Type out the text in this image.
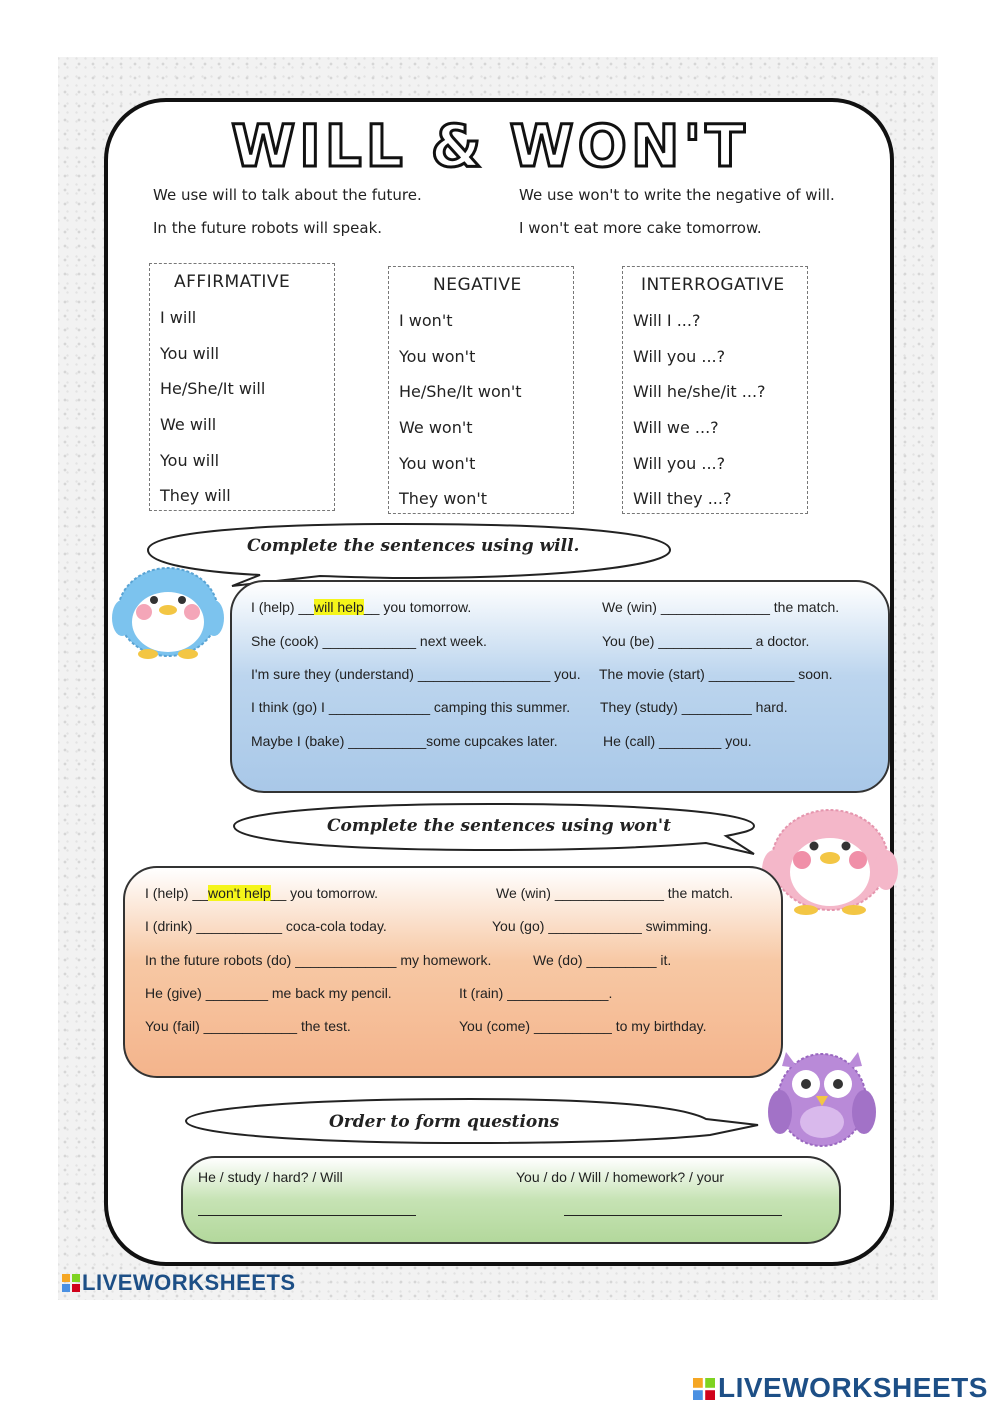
WILL & WON'T
We use will to talk about the future.
In the future robots will speak.
We use won't to write the negative of will.
I won't eat more cake tomorrow.
AFFIRMATIVE
I will
You will
He/She/It will
We will
You will
They will
NEGATIVE
I won't
You won't
He/She/It won't
We won't
You won't
They won't
INTERROGATIVE
Will I ...?
Will you ...?
Will he/she/it ...?
Will we ...?
Will you ...?
Will they ...?
Complete the sentences using will.
I (help) __will help__ you tomorrow.
She (cook) ____________ next week.
I'm sure they (understand) _________________ you.
I think (go) I _____________ camping this summer.
Maybe I (bake) __________some cupcakes later.
We (win) ______________ the match.
You (be) ____________ a doctor.
The movie (start) ___________ soon.
They (study) _________ hard.
He (call) ________ you.
Complete the sentences using won't
I (help) __won't help__ you tomorrow.
I (drink) ___________ coca-cola today.
In the future robots (do) _____________ my homework.
He (give) ________ me back my pencil.
You (fail) ____________ the test.
We (win) ______________ the match.
You (go) ____________ swimming.
We (do) _________ it.
It (rain) _____________.
You (come) __________ to my birthday.
Order to form questions
He / study / hard? / Will	You / do / Will / homework? / your
LIVEWORKSHEETS
LIVEWORKSHEETS
